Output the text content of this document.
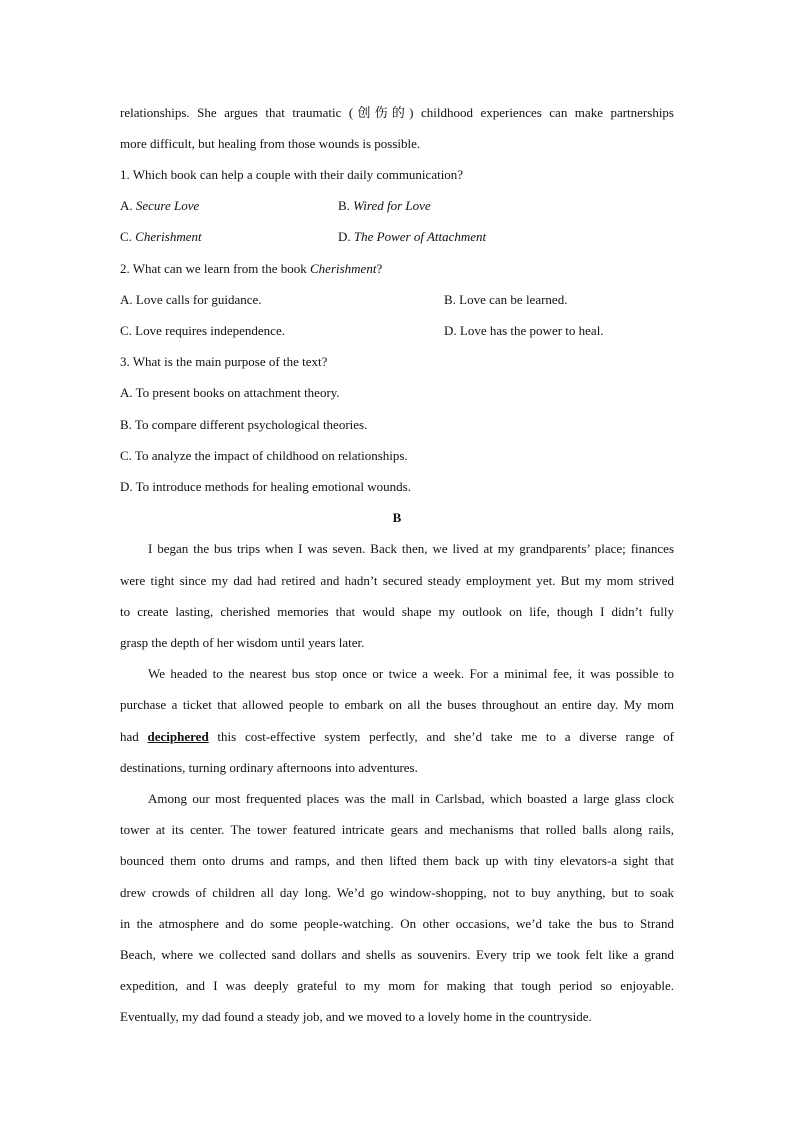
relationships. She argues that traumatic (创伤的) childhood experiences can make partnerships
more difficult, but healing from those wounds is possible.
1. Which book can help a couple with their daily communication?
A. Secure Love	B. Wired for Love
C. Cherishment	D. The Power of Attachment
2. What can we learn from the book Cherishment?
A. Love calls for guidance.	B. Love can be learned.
C. Love requires independence.	D. Love has the power to heal.
3. What is the main purpose of the text?
A. To present books on attachment theory.
B. To compare different psychological theories.
C. To analyze the impact of childhood on relationships.
D. To introduce methods for healing emotional wounds.
B
I began the bus trips when I was seven. Back then, we lived at my grandparents’ place; finances
were tight since my dad had retired and hadn’t secured steady employment yet. But my mom strived
to create lasting, cherished memories that would shape my outlook on life, though I didn’t fully
grasp the depth of her wisdom until years later.
We headed to the nearest bus stop once or twice a week. For a minimal fee, it was possible to
purchase a ticket that allowed people to embark on all the buses throughout an entire day. My mom
had deciphered this cost-effective system perfectly, and she’d take me to a diverse range of
destinations, turning ordinary afternoons into adventures.
Among our most frequented places was the mall in Carlsbad, which boasted a large glass clock
tower at its center. The tower featured intricate gears and mechanisms that rolled balls along rails,
bounced them onto drums and ramps, and then lifted them back up with tiny elevators-a sight that
drew crowds of children all day long. We’d go window-shopping, not to buy anything, but to soak
in the atmosphere and do some people-watching. On other occasions, we’d take the bus to Strand
Beach, where we collected sand dollars and shells as souvenirs. Every trip we took felt like a grand
expedition, and I was deeply grateful to my mom for making that tough period so enjoyable.
Eventually, my dad found a steady job, and we moved to a lovely home in the countryside.
